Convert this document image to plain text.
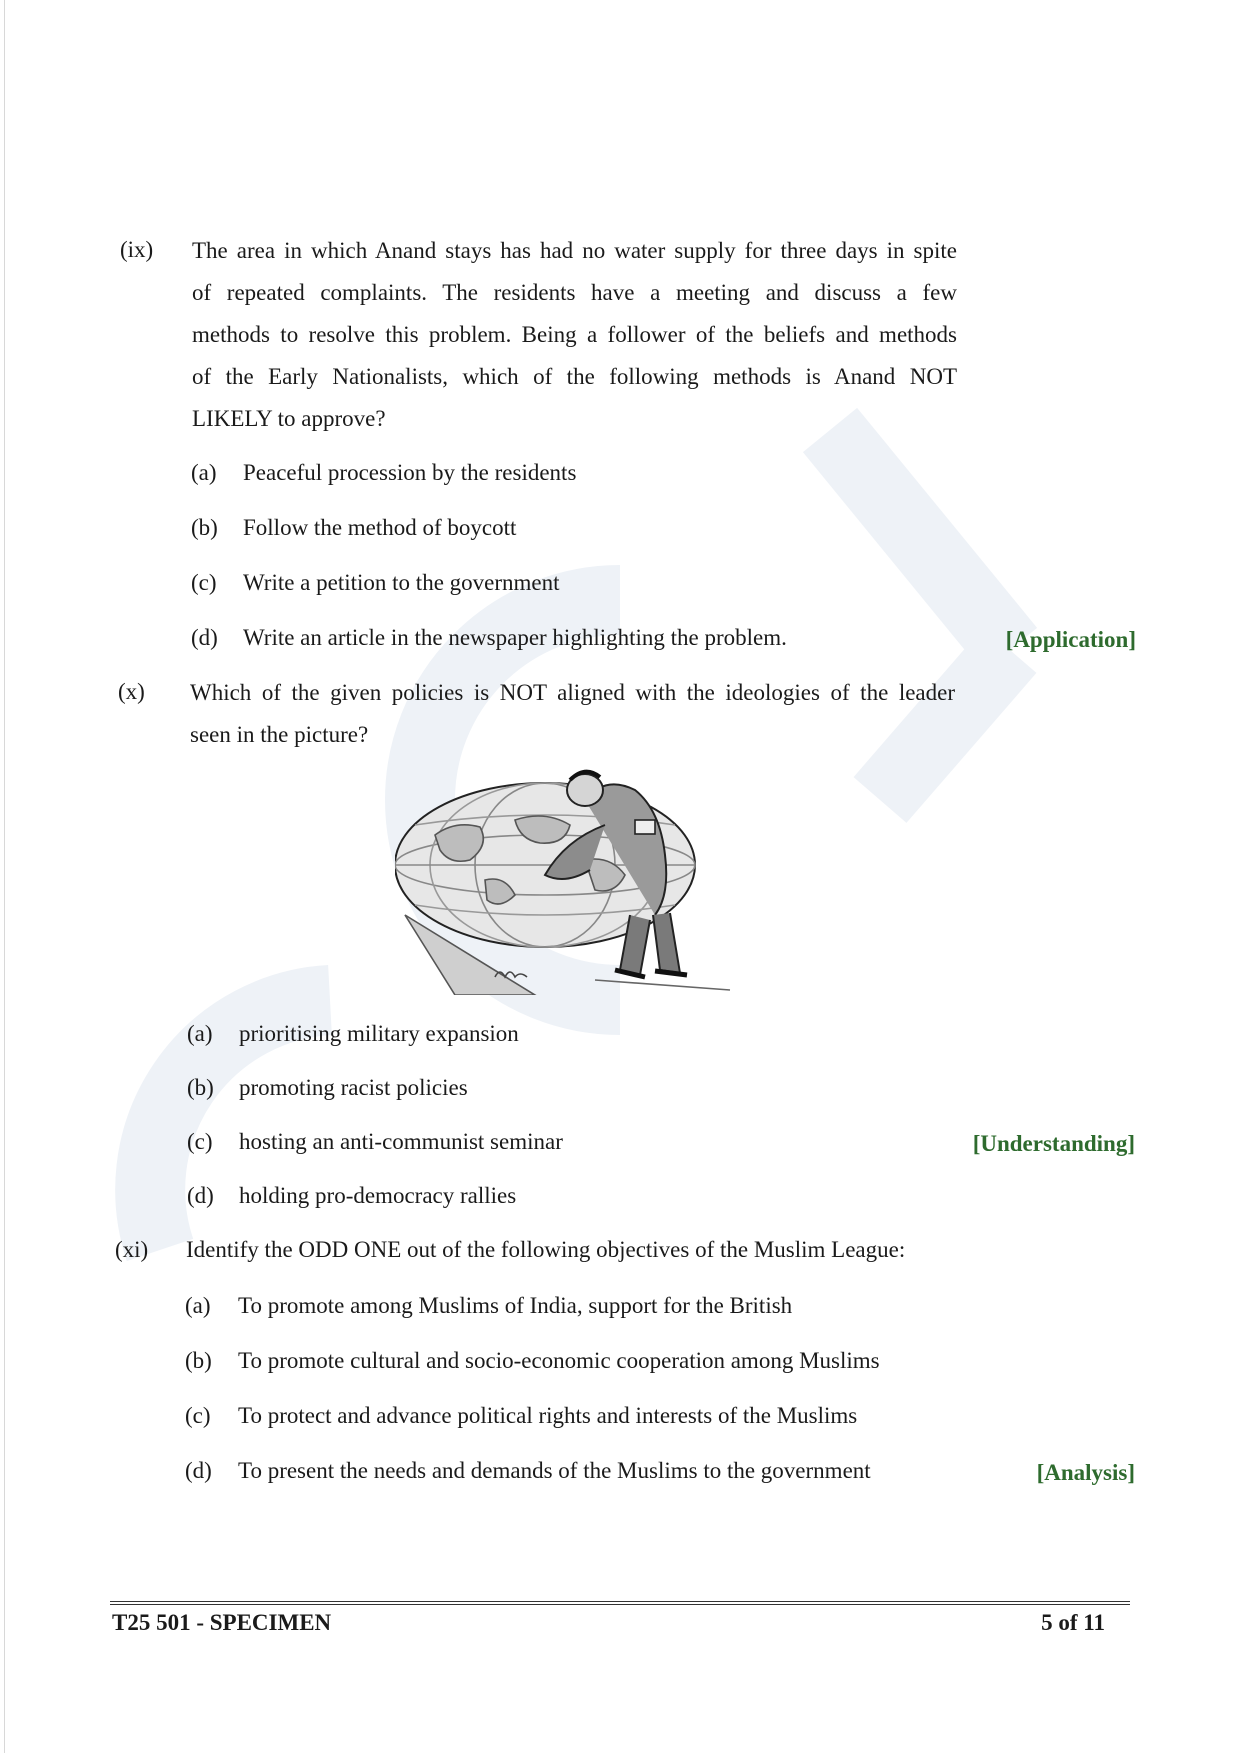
(ix) The area in which Anand stays has had no water supply for three days in spite
of repeated complaints. The residents have a meeting and discuss a few
methods to resolve this problem. Being a follower of the beliefs and methods
of the Early Nationalists, which of the following methods is Anand NOT
LIKELY to approve?
(a) Peaceful procession by the residents
(b) Follow the method of boycott
(c) Write a petition to the government
(d) Write an article in the newspaper highlighting the problem.	[Application]
(x) Which of the given policies is NOT aligned with the ideologies of the leader
seen in the picture?
(a) prioritising military expansion
(b) promoting racist policies
(c) hosting an anti-communist seminar	[Understanding]
(d) holding pro-democracy rallies
(xi) Identify the ODD ONE out of the following objectives of the Muslim League:
(a) To promote among Muslims of India, support for the British
(b) To promote cultural and socio-economic cooperation among Muslims
(c) To protect and advance political rights and interests of the Muslims
(d) To present the needs and demands of the Muslims to the government	[Analysis]
T25 501 - SPECIMEN	5 of 11
